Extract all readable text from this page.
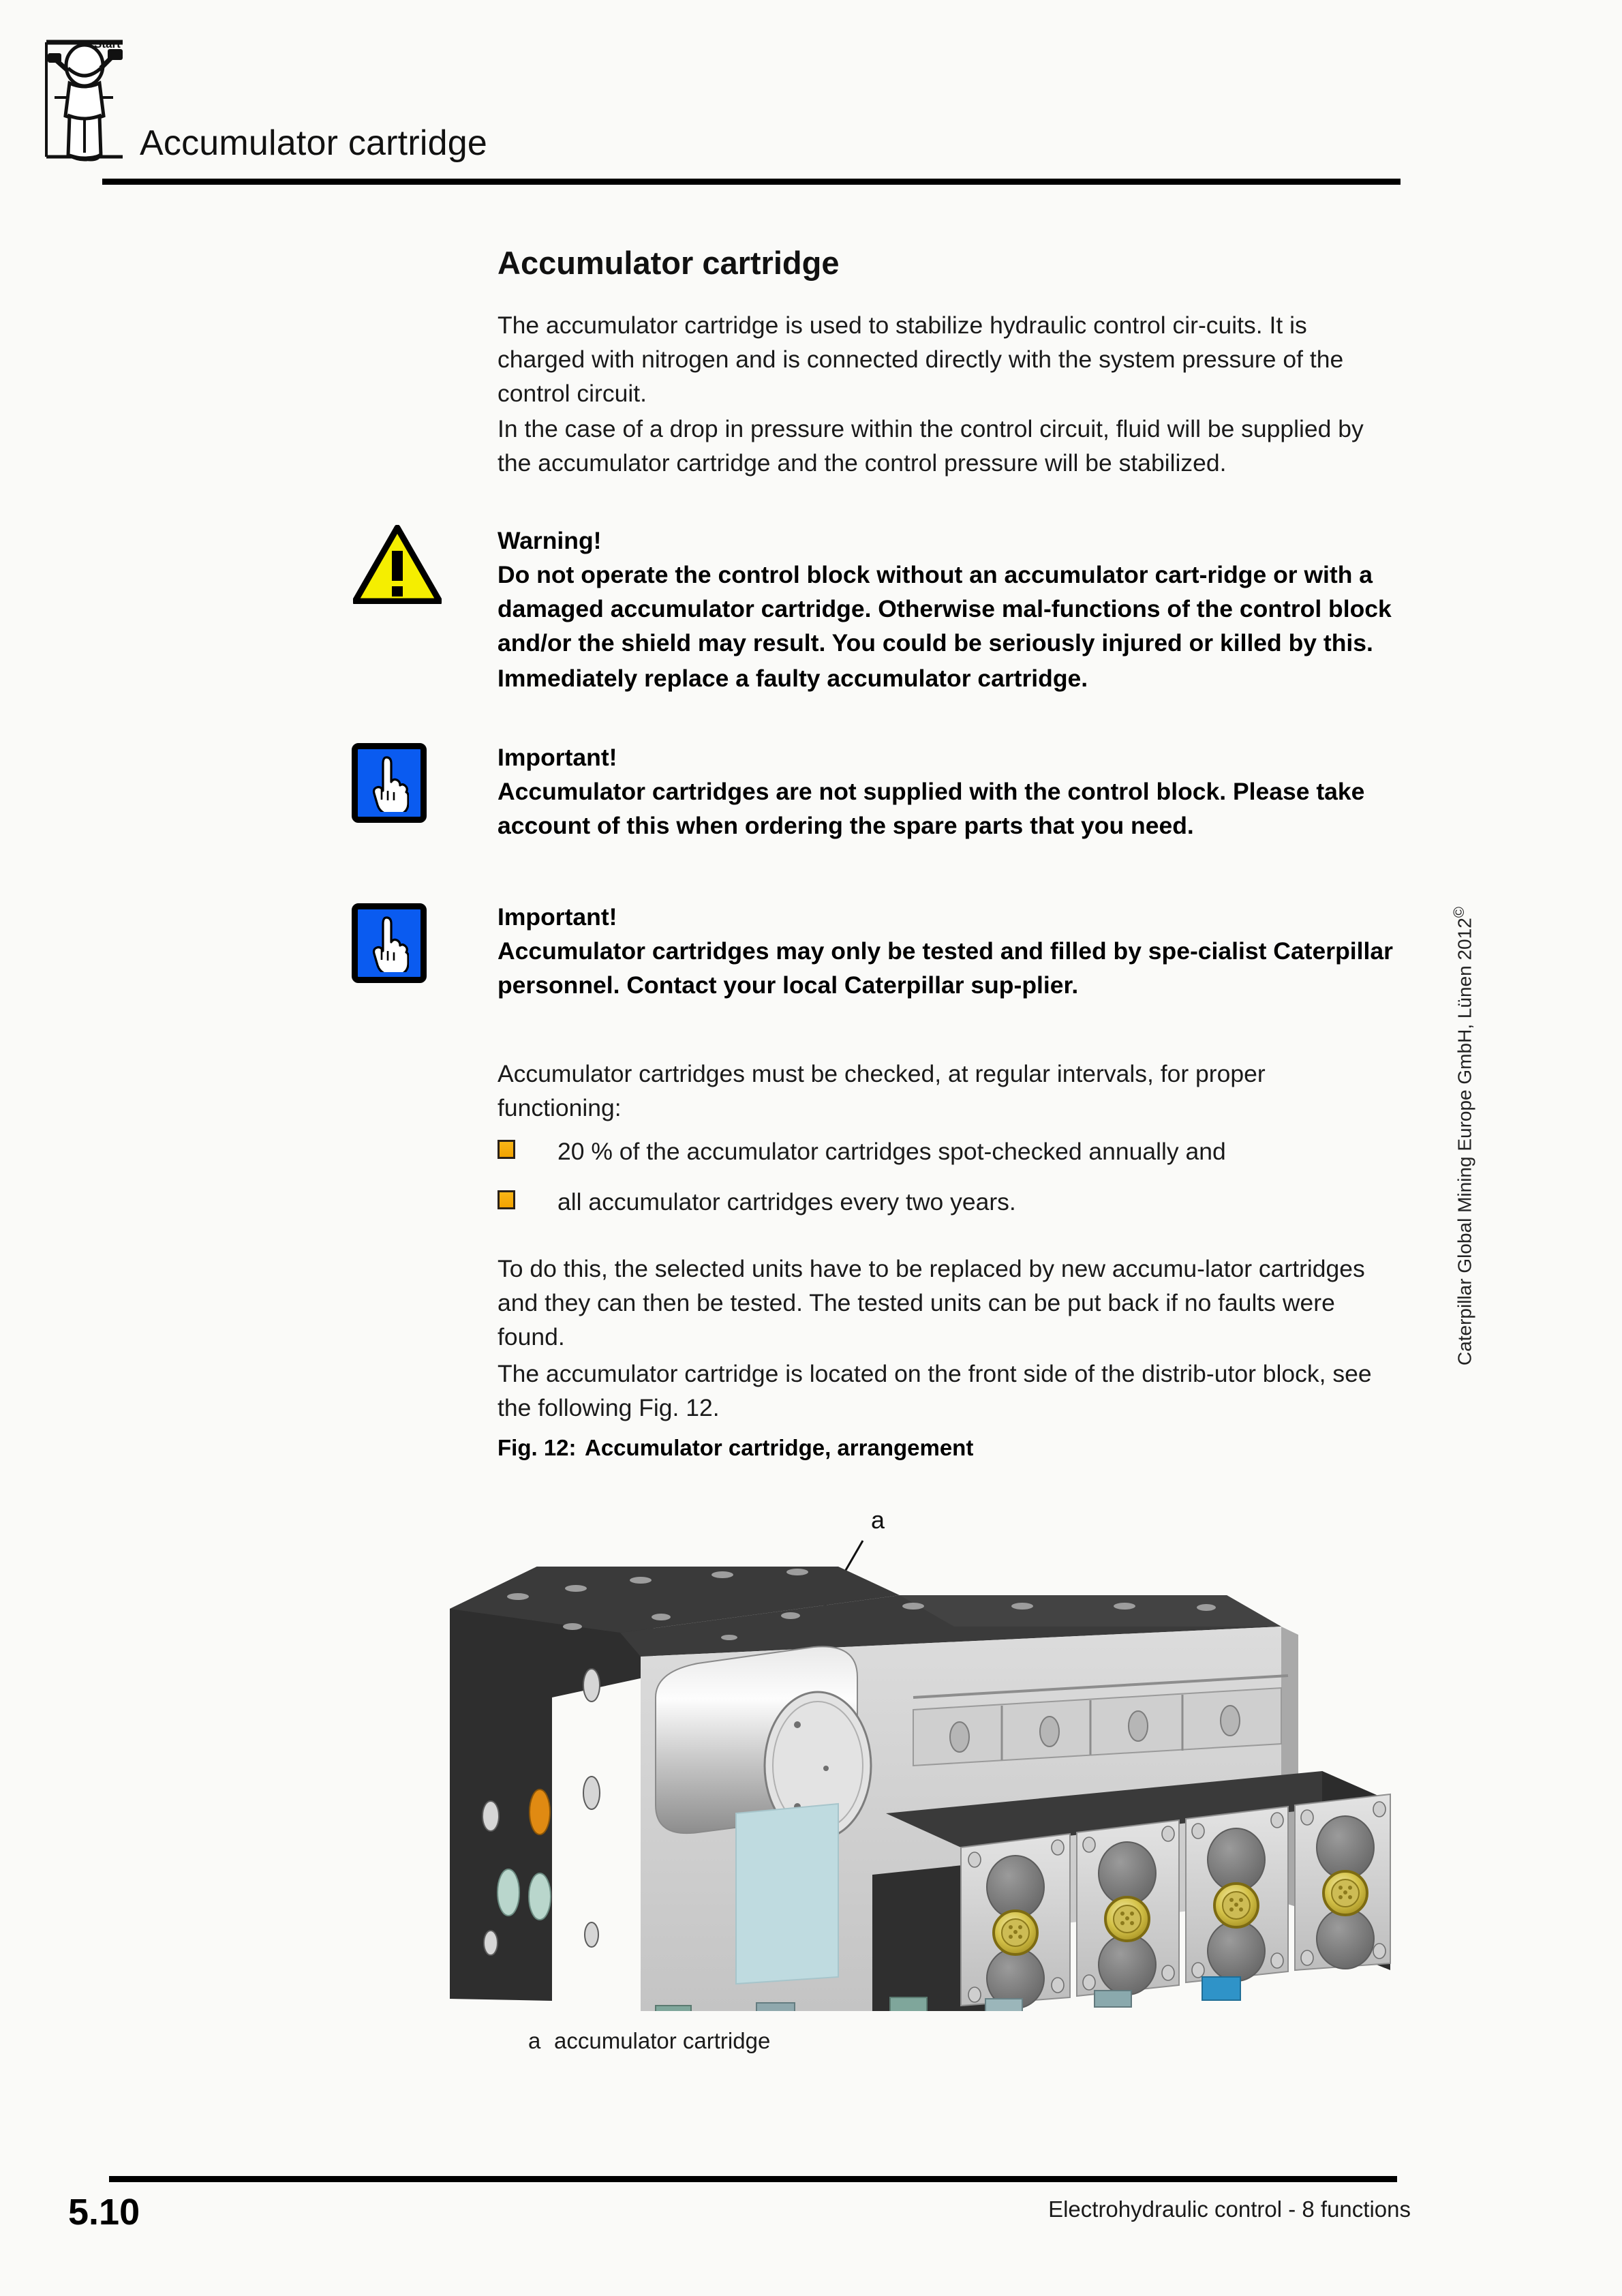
Start
Accumulator cartridge
Accumulator cartridge
The accumulator cartridge is used to stabilize hydraulic control cir-cuits. It is charged with nitrogen and is connected directly with the system pressure of the control circuit.
In the case of a drop in pressure within the control circuit, fluid will be supplied by the accumulator cartridge and the control pressure will be stabilized.
Warning!
Do not operate the control block without an accumulator cart-ridge or with a damaged accumulator cartridge. Otherwise mal-functions of the control block and/or the shield may result. You could be seriously injured or killed by this.
Immediately replace a faulty accumulator cartridge.
Important!
Accumulator cartridges are not supplied with the control block. Please take account of this when ordering the spare parts that you need.
Important!
Accumulator cartridges may only be tested and filled by spe-cialist Caterpillar personnel. Contact your local Caterpillar sup-plier.
Accumulator cartridges must be checked, at regular intervals, for proper functioning:
20 % of the accumulator cartridges spot-checked annually and
all accumulator cartridges every two years.
To do this, the selected units have to be replaced by new accumu-lator cartridges and they can then be tested. The tested units can be put back if no faults were found.
The accumulator cartridge is located on the front side of the distrib-utor block, see the following Fig. 12.
Fig. 12: Accumulator cartridge, arrangement
a
a accumulator cartridge
Caterpillar Global Mining Europe GmbH, Lünen 2012©
5.10	Electrohydraulic control - 8 functions
